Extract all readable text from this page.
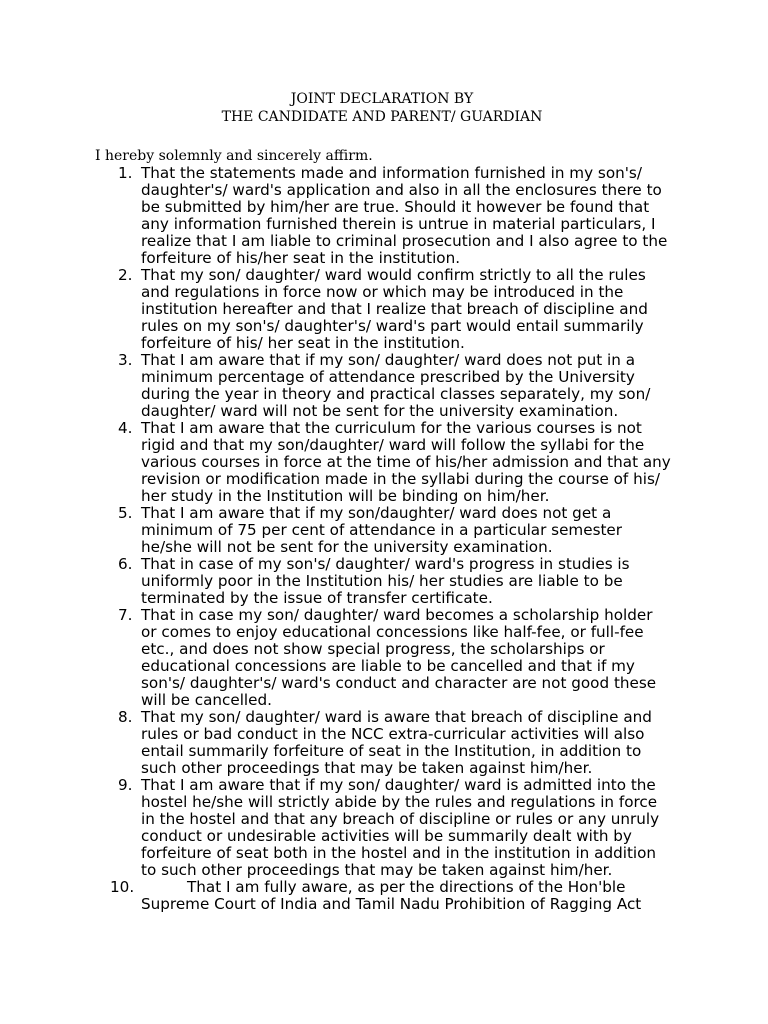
JOINT DECLARATION BY
THE CANDIDATE AND PARENT/ GUARDIAN
I hereby solemnly and sincerely affirm.
1. That the statements made and information furnished in my son's/ daughter's/ ward's application and also in all the enclosures there to be submitted by him/her are true. Should it however be found that any information furnished therein is untrue in material particulars, I realize that I am liable to criminal prosecution and I also agree to the forfeiture of his/her seat in the institution.
2. That my son/ daughter/ ward would confirm strictly to all the rules and regulations in force now or which may be introduced in the institution hereafter and that I realize that breach of discipline and rules on my son's/ daughter's/ ward's part would entail summarily forfeiture of his/ her seat in the institution.
3. That I am aware that if my son/ daughter/ ward does not put in a minimum percentage of attendance prescribed by the University during the year in theory and practical classes separately, my son/ daughter/ ward will not be sent for the university examination.
4. That I am aware that the curriculum for the various courses is not rigid and that my son/daughter/ ward will follow the syllabi for the various courses in force at the time of his/her admission and that any revision or modification made in the syllabi during the course of his/ her study in the Institution will be binding on him/her.
5. That I am aware that if my son/daughter/ ward does not get a minimum of 75 per cent of attendance in a particular semester he/she will not be sent for the university examination.
6. That in case of my son's/ daughter/ ward's progress in studies is uniformly poor in the Institution his/ her studies are liable to be terminated by the issue of transfer certificate.
7. That in case my son/ daughter/ ward becomes a scholarship holder or comes to enjoy educational concessions like half-fee, or full-fee etc., and does not show special progress, the scholarships or educational concessions are liable to be cancelled and that if my son's/ daughter's/ ward's conduct and character are not good these will be cancelled.
8. That my son/ daughter/ ward is aware that breach of discipline and rules or bad conduct in the NCC extra-curricular activities will also entail summarily forfeiture of seat in the Institution, in addition to such other proceedings that may be taken against him/her.
9. That I am aware that if my son/ daughter/ ward is admitted into the hostel he/she will strictly abide by the rules and regulations in force in the hostel and that any breach of discipline or rules or any unruly conduct or undesirable activities will be summarily dealt with by forfeiture of seat both in the hostel and in the institution in addition to such other proceedings that may be taken against him/her.
10.	That I am fully aware, as per the directions of the Hon'ble Supreme Court of India and Tamil Nadu Prohibition of Ragging Act
